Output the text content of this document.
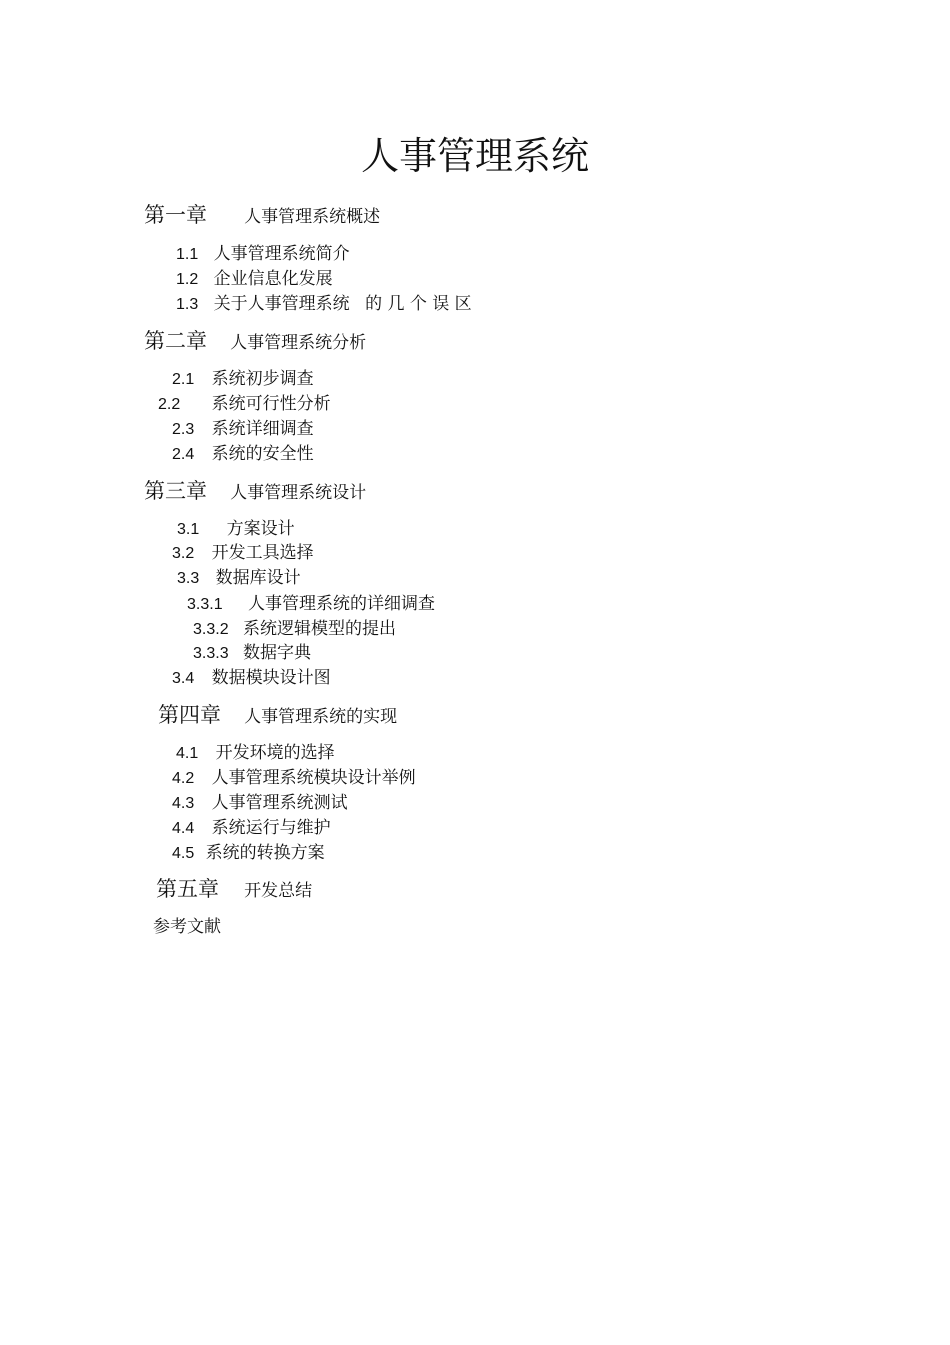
人事管理系统
第一章 人事管理系统概述
1.1 人事管理系统简介
1.2 企业信息化发展
1.3 关于人事管理系统 的 几 个 误 区
第二章 人事管理系统分析
2.1 系统初步调查
2.2 系统可行性分析
2.3 系统详细调查
2.4 系统的安全性
第三章 人事管理系统设计
3.1 方案设计
3.2 开发工具选择
3.3 数据库设计
3.3.1 人事管理系统的详细调查
3.3.2 系统逻辑模型的提出
3.3.3 数据字典
3.4 数据模块设计图
第四章 人事管理系统的实现
4.1 开发环境的选择
4.2 人事管理系统模块设计举例
4.3 人事管理系统测试
4.4 系统运行与维护
4.5 系统的转换方案
第五章 开发总结
参考文献
